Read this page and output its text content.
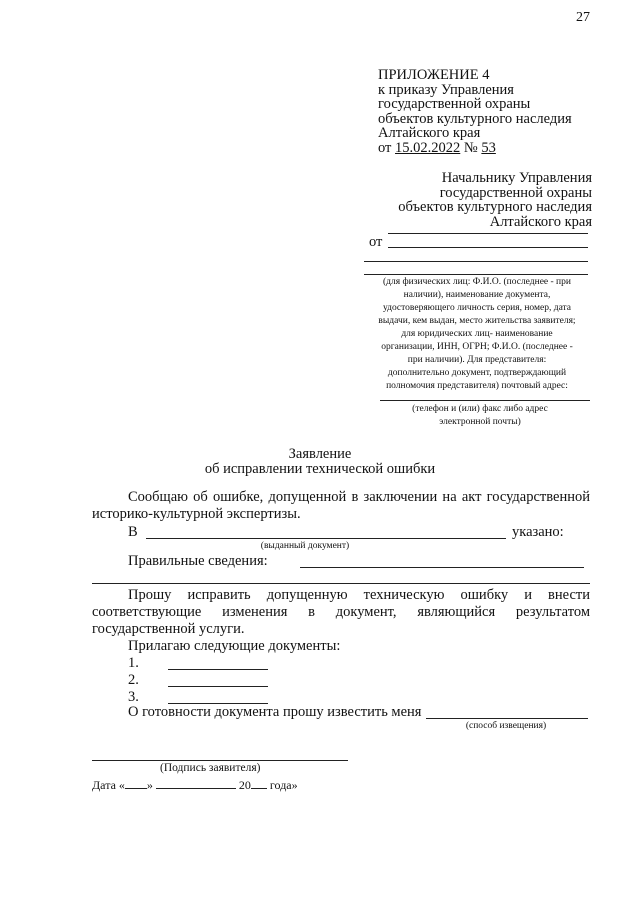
27
ПРИЛОЖЕНИЕ 4
к приказу Управления
государственной охраны
объектов культурного наследия
Алтайского края
от 15.02.2022 № 53
Начальнику Управления
государственной охраны
объектов культурного наследия
Алтайского края
от
(для физических лиц: Ф.И.О. (последнее - при
наличии), наименование документа,
удостоверяющего личность серия, номер, дата
выдачи, кем выдан, место жительства заявителя;
для юридических лиц- наименование
организации, ИНН, ОГРН; Ф.И.О. (последнее -
при наличии). Для представителя:
дополнительно документ, подтверждающий
полномочия представителя) почтовый адрес:
(телефон и (или) факс либо адрес
электронной почты)
Заявление
об исправлении технической ошибки
Сообщаю об ошибке, допущенной в заключении на акт государственной
историко-культурной экспертизы.
В	указано:
(выданный документ)
Правильные сведения:
Прошу исправить допущенную техническую ошибку и внести
соответствующие изменения в документ, являющийся результатом
государственной услуги.
Прилагаю следующие документы:
1.
2.
3.
О готовности документа прошу известить меня
(способ извещения)
(Подпись заявителя)
Дата « »	20 года»
